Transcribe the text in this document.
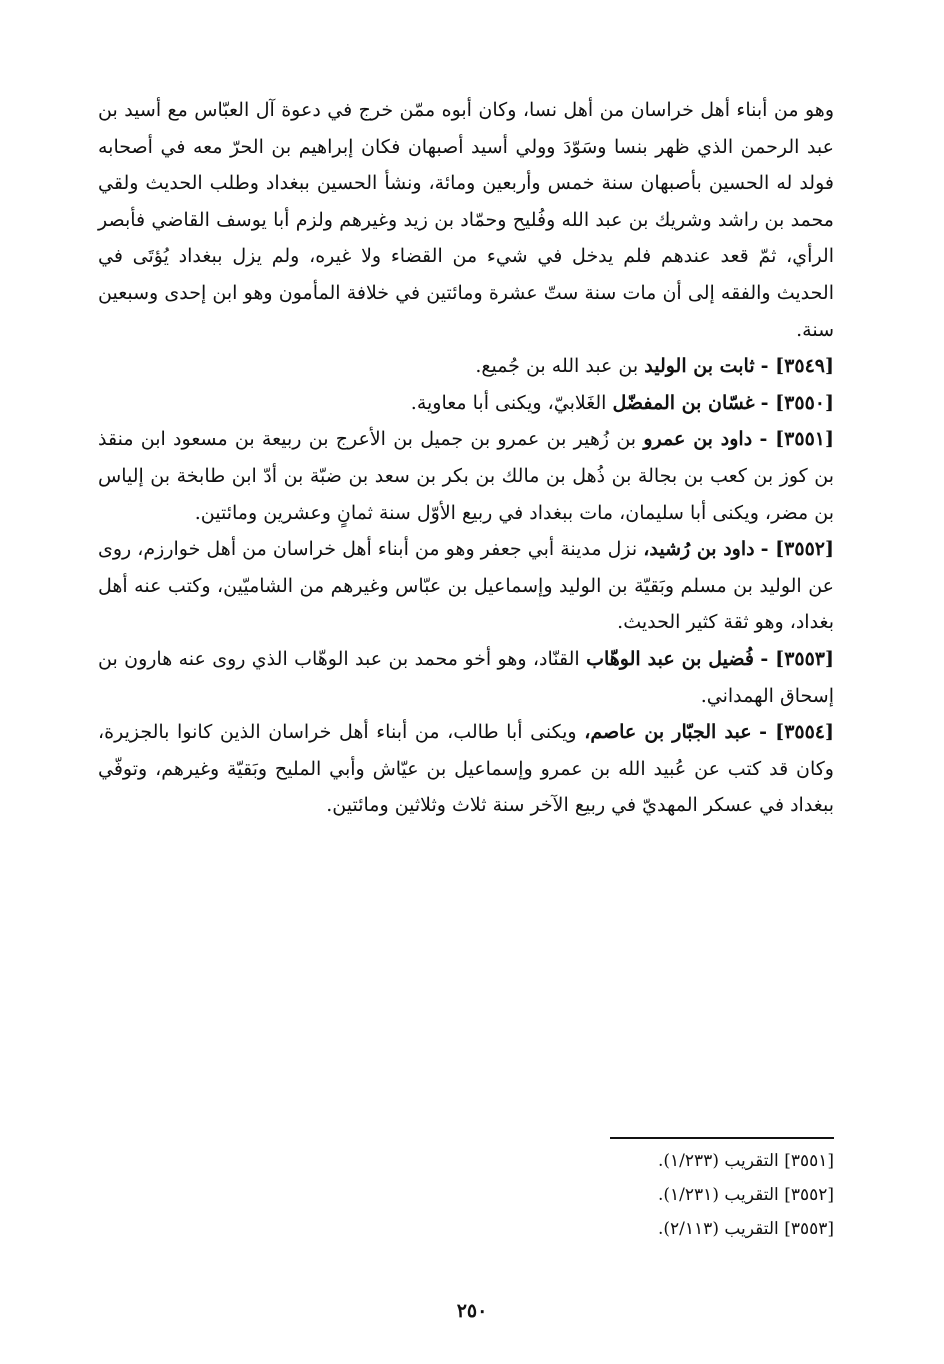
وهو من أبناء أهل خراسان من أهل نسا، وكان أبوه ممّن خرج في دعوة آل العبّاس مع أسيد بن عبد الرحمن الذي ظهر بنسا وسَوّدَ وولي أسيد أصبهان فكان إبراهيم بن الحرّ معه في أصحابه فولد له الحسين بأصبهان سنة خمس وأربعين ومائة، ونشأ الحسين ببغداد وطلب الحديث ولقي محمد بن راشد وشريك بن عبد الله وفُليح وحمّاد بن زيد وغيرهم ولزم أبا يوسف القاضي فأبصر الرأي، ثمّ قعد عندهم فلم يدخل في شيء من القضاء ولا غيره، ولم يزل ببغداد يُؤتَى في الحديث والفقه إلى أن مات سنة ستّ عشرة ومائتين في خلافة المأمون وهو ابن إحدى وسبعين سنة.

[٣٥٤٩] - ثابت بن الوليد بن عبد الله بن جُميع.

[٣٥٥٠] - غسّان بن المفضّل الغَلابيّ، ويكنى أبا معاوية.

[٣٥٥١] - داود بن عمرو بن زُهير بن عمرو بن جميل بن الأعرج بن ربيعة بن مسعود ابن منقذ بن كوز بن كعب بن بجالة بن ذُهل بن مالك بن بكر بن سعد بن ضبّة بن أدّ ابن طابخة بن إلياس بن مضر، ويكنى أبا سليمان، مات ببغداد في ربيع الأوّل سنة ثمانٍ وعشرين ومائتين.

[٣٥٥٢] - داود بن رُشيد، نزل مدينة أبي جعفر وهو من أبناء أهل خراسان من أهل خوارزم، روى عن الوليد بن مسلم وبَقيّة بن الوليد وإسماعيل بن عبّاس وغيرهم من الشاميّين، وكتب عنه أهل بغداد، وهو ثقة كثير الحديث.

[٣٥٥٣] - فُضيل بن عبد الوهّاب القنّاد، وهو أخو محمد بن عبد الوهّاب الذي روى عنه هارون بن إسحاق الهمداني.

[٣٥٥٤] - عبد الجبّار بن عاصم، ويكنى أبا طالب، من أبناء أهل خراسان الذين كانوا بالجزيرة، وكان قد كتب عن عُبيد الله بن عمرو وإسماعيل بن عيّاش وأبي المليح وبَقيّة وغيرهم، وتوفّي ببغداد في عسكر المهديّ في ربيع الآخر سنة ثلاث وثلاثين ومائتين.

[٣٥٥١] التقريب (١/٢٣٣).

[٣٥٥٢] التقريب (١/٢٣١).

[٣٥٥٣] التقريب (٢/١١٣).

٢٥٠
